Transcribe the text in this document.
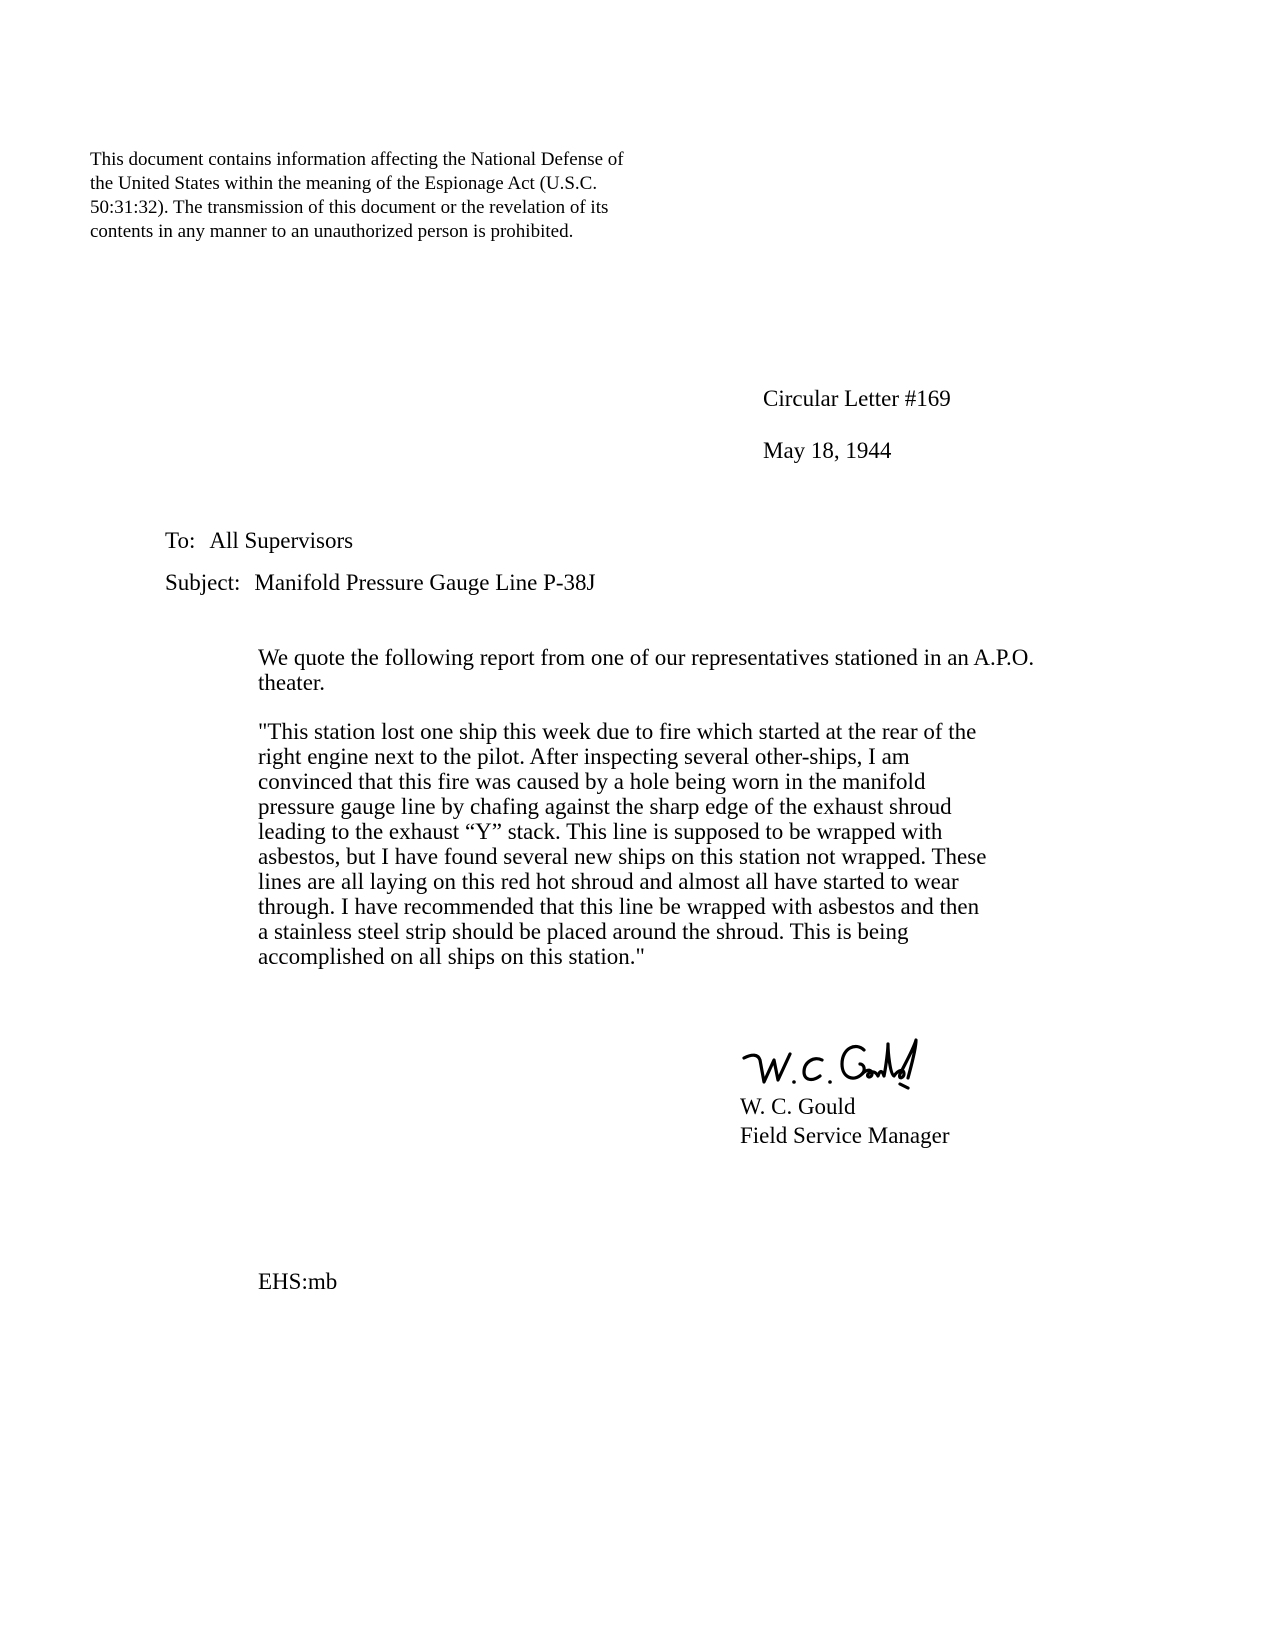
This document contains information affecting the National Defense of the United States within the meaning of the Espionage Act (U.S.C. 50:31:32). The transmission of this document or the revelation of its contents in any manner to an unauthorized person is prohibited.

Circular Letter #169
May 18, 1944
To: All Supervisors
Subject: Manifold Pressure Gauge Line P-38J

We quote the following report from one of our representatives stationed in an A.P.O. theater.

"This station lost one ship this week due to fire which started at the rear of the right engine next to the pilot. After inspecting several other-ships, I am convinced that this fire was caused by a hole being worn in the manifold pressure gauge line by chafing against the sharp edge of the exhaust shroud leading to the exhaust “Y” stack. This line is supposed to be wrapped with asbestos, but I have found several new ships on this station not wrapped. These lines are all laying on this red hot shroud and almost all have started to wear through. I have recommended that this line be wrapped with asbestos and then a stainless steel strip should be placed around the shroud. This is being accomplished on all ships on this station."

W. C. Gould
Field Service Manager
EHS:mb
